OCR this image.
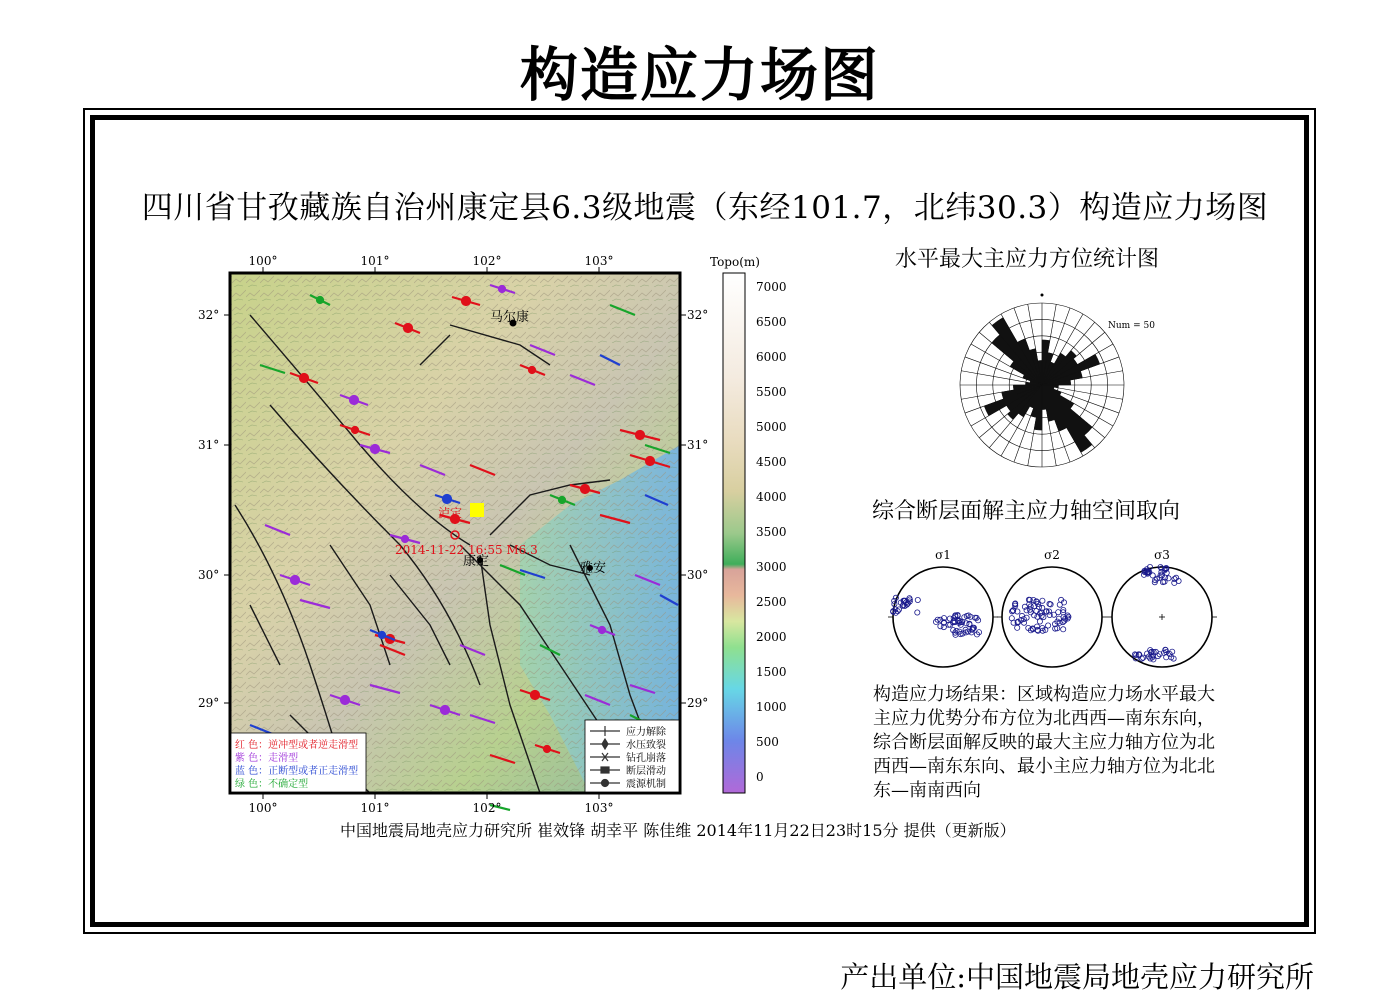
构造应力场图
四川省甘孜藏族自治州康定县6.3级地震（东经101.7，北纬30.3）构造应力场图
马尔康
康定	雅安
泸定
2014-11-22 16:55 M6.3
100°	101°	102°	103°
100°	101°	102°	103°
32°
31°
30°
29°
32°
31°
30°
29°
红 色：逆冲型或者逆走滑型
紫 色：走滑型
蓝 色：正断型或者正走滑型
绿 色：不确定型
应力解除
水压致裂
钻孔崩落
断层滑动
震源机制
Topo(m)
7000
6500
6000
5500
5000
4500
4000
3500
3000
2500
2000
1500
1000
500
0
水平最大主应力方位统计图
Num = 50
综合断层面解主应力轴空间取向
σ1	σ2	σ3
构造应力场结果：区域构造应力场水平最大主应力优势分布方位为北西西—南东东向，综合断层面解反映的最大主应力轴方位为北西西—南东东向、最小主应力轴方位为北北东—南南西向
中国地震局地壳应力研究所 崔效锋 胡幸平 陈佳维 2014年11月22日23时15分 提供（更新版）
产出单位:中国地震局地壳应力研究所
